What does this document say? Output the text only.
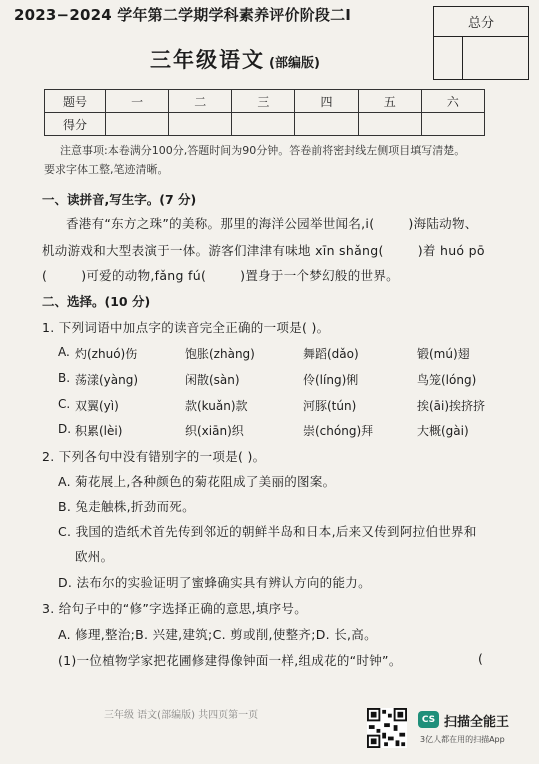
2023−2024 学年第二学期学科素养评价阶段二Ⅰ
三年级语文 (部编版)
总分
题号	一	二	三	四	五	六
得分						
注意事项:本卷满分100分,答题时间为90分钟。答卷前将密封线左侧项目填写清楚。
要求字体工整,笔迹清晰。
一、读拼音,写生字。(7 分)
香港有“东方之珠”的美称。那里的海洋公园举世闻名,i(	)海陆动物、
机动游戏和大型表演于一体。游客们津津有味地 xīn shǎng(	)着 huó pō
(	)可爱的动物,fǎng fú(	)置身于一个梦幻般的世界。
二、选择。(10 分)
1. 下列词语中加点字的读音完全正确的一项是( )。
A. 灼(zhuó)伤	饱胀(zhàng)	舞蹈(dǎo)	锻(mú)翅
B. 荡漾(yàng)	闲散(sàn)	伶(líng)俐	鸟笼(lóng)
C. 双翼(yì)	款(kuǎn)款	河豚(tún)	挨(āi)挨挤挤
D. 积累(lèi)	织(xiān)织	崇(chóng)拜	大概(gài)
2. 下列各句中没有错别字的一项是( )。
A. 菊花展上,各种颜色的菊花阻成了美丽的图案。
B. 兔走触株,折劲而死。
C. 我国的造纸术首先传到邻近的朝鲜半岛和日本,后来又传到阿拉伯世界和
欧州。
D. 法布尔的实验证明了蜜蜂确实具有辨认方向的能力。
3. 给句子中的“修”字选择正确的意思,填序号。
A. 修理,整治;B. 兴建,建筑;C. 剪或削,使整齐;D. 长,高。
(1)一位植物学家把花圃修建得像钟面一样,组成花的“时钟”。	(
三年级 语文(部编版) 共四页第一页	CS 扫描全能王
3亿人都在用的扫描App
